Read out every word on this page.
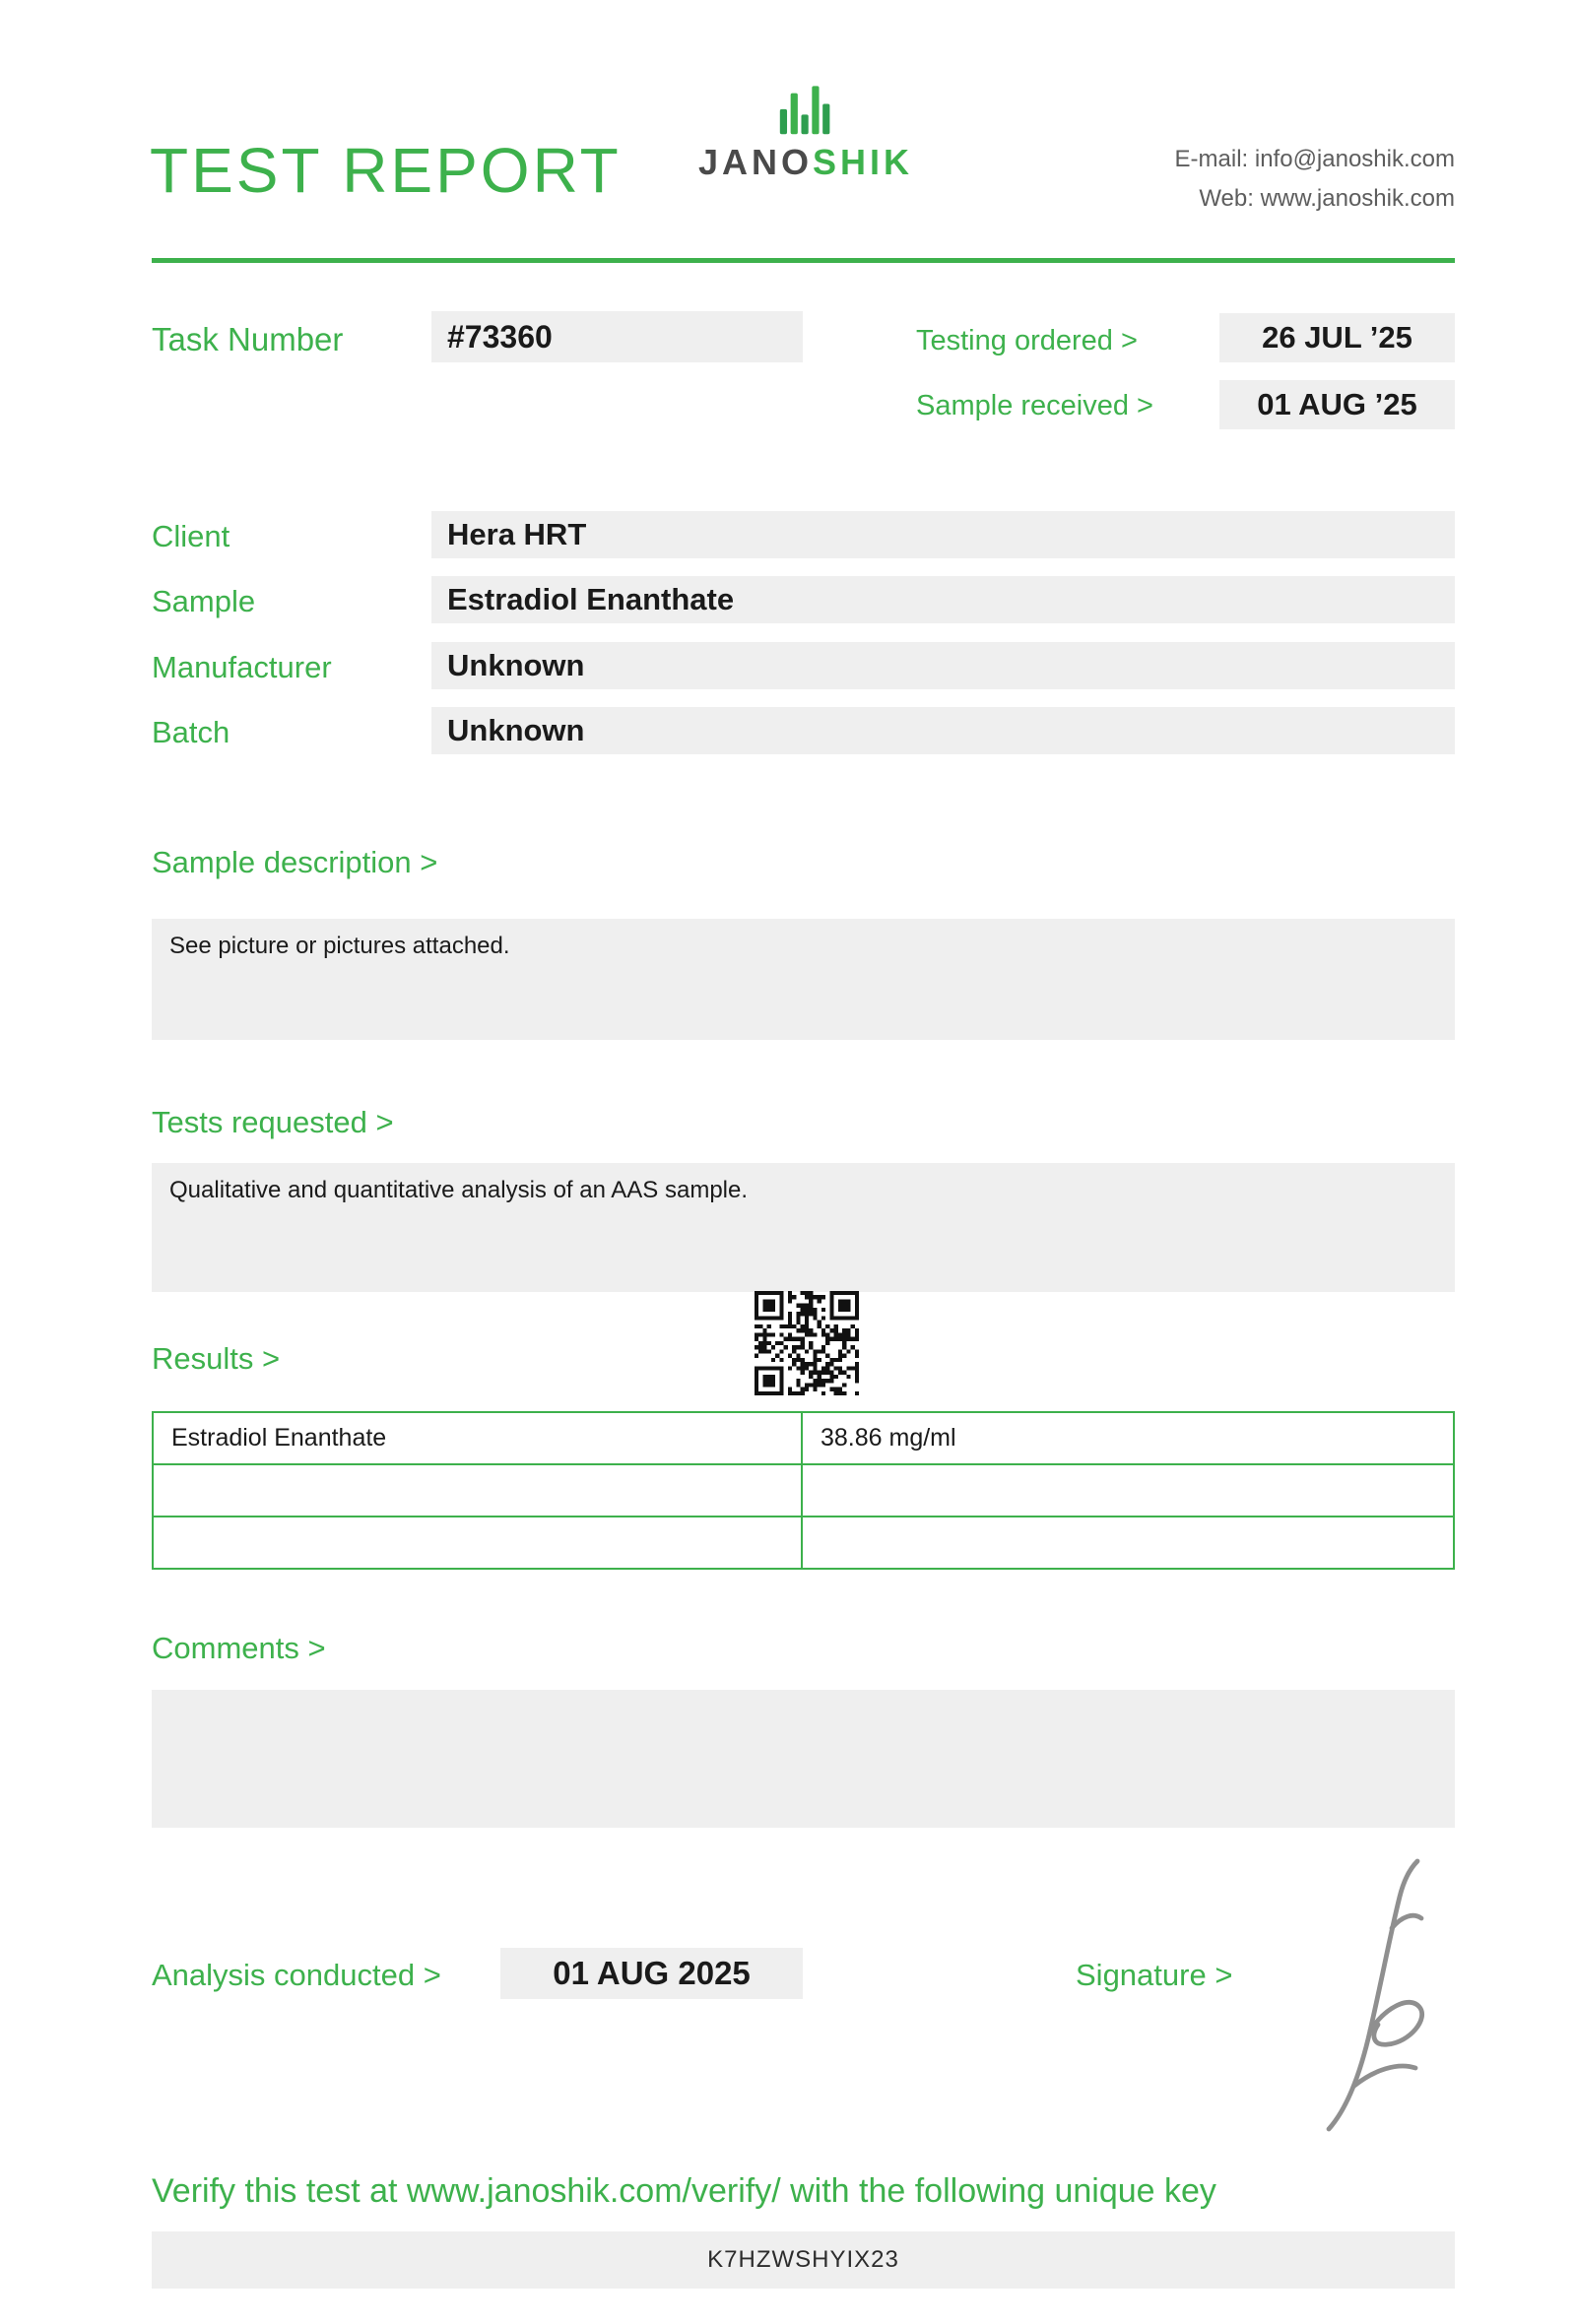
TEST REPORT	JANOSHIK	E-mail: info@janoshik.com
Web: www.janoshik.com
Task Number	#73360	Testing ordered >	26 JUL ’25
Sample received >	01 AUG ’25
Client	Hera HRT
Sample	Estradiol Enanthate
Manufacturer	Unknown
Batch	Unknown
Sample description >
See picture or pictures attached.
Tests requested >
Qualitative and quantitative analysis of an AAS sample.
Results >
Estradiol Enanthate	38.86 mg/ml

Comments >
Analysis conducted >	01 AUG 2025	Signature >
Verify this test at www.janoshik.com/verify/ with the following unique key
K7HZWSHYIX23
